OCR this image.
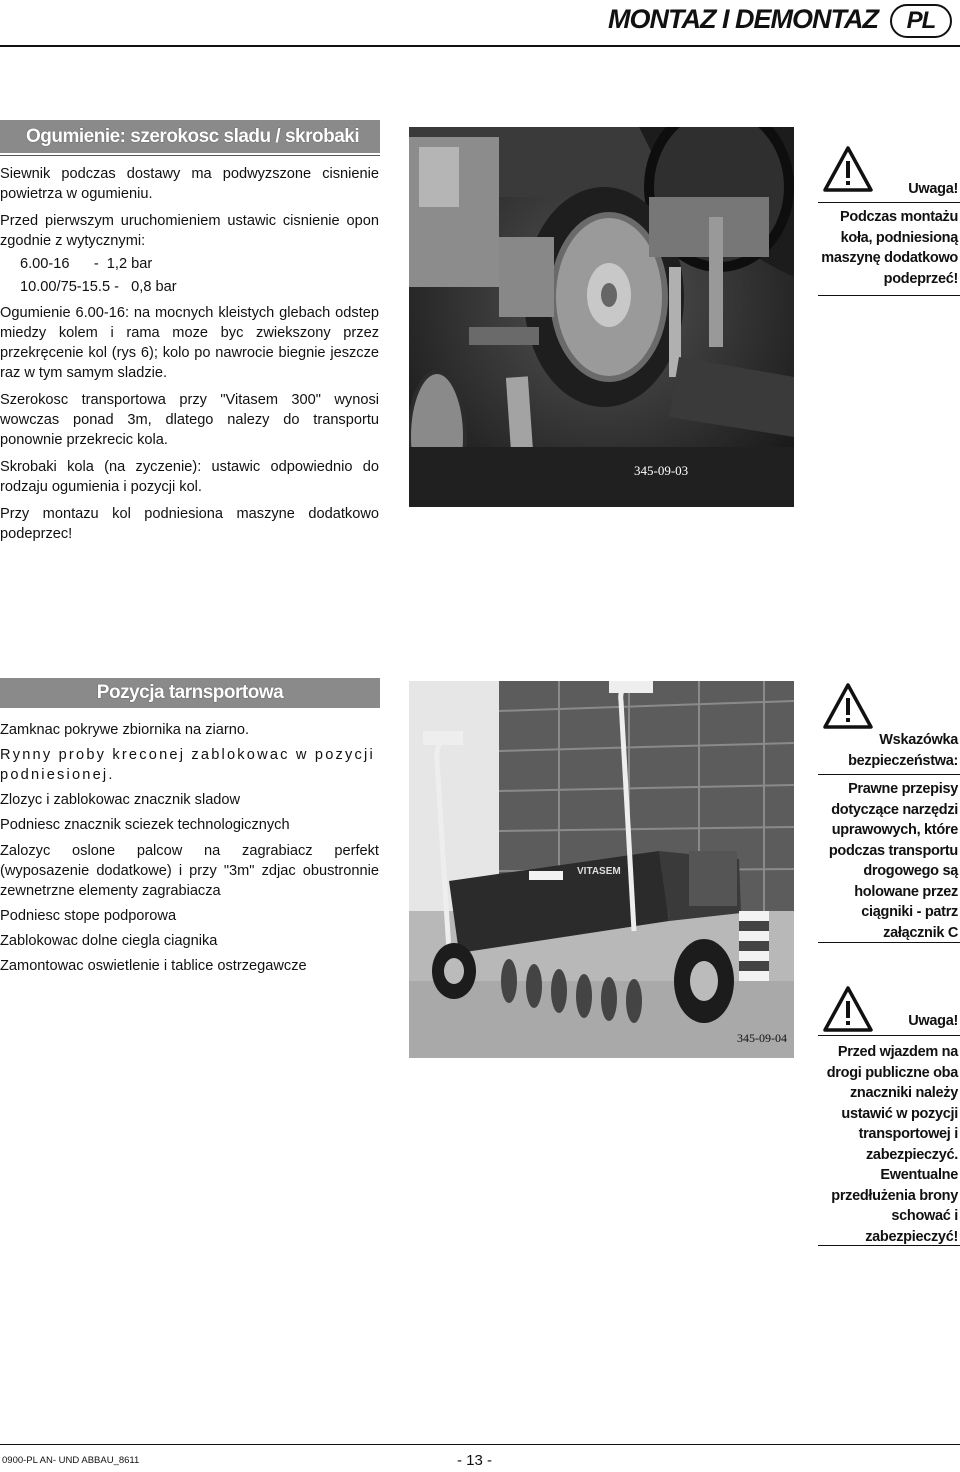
MONTAZ I DEMONTAZ	PL
Ogumienie: szerokosc sladu / skrobaki

Siewnik podczas dostawy ma podwyzszone cisnienie powietrza w ogumieniu.

Przed pierwszym uruchomieniem ustawic cisnienie opon zgodnie z wytycznymi:

6.00-16      -  1,2 bar

10.00/75-15.5 -   0,8 bar

Ogumienie 6.00-16: na mocnych kleistych glebach odstep miedzy kolem i rama moze byc zwiekszony przez przekręcenie kol (rys 6); kolo po nawrocie biegnie jeszcze raz w tym samym sladzie.

Szerokosc transportowa przy "Vitasem 300" wynosi wowczas ponad 3m, dlatego nalezy do transportu ponownie przekrecic kola.

Skrobaki kola (na zyczenie): ustawic odpowiednio do rodzaju ogumienia i pozycji kol.

Przy montazu kol podniesiona maszyne dodatkowo podeprzec!

345-09-03
Uwaga!
Podczas montażu koła, podniesioną maszynę dodatkowo podeprzeć!
Pozycja tarnsportowa

Zamknac pokrywe zbiornika na ziarno.

Rynny proby kreconej zablokowac w pozycji podniesionej.

Zlozyc i zablokowac znacznik sladow

Podniesc znacznik sciezek technologicznych

Zalozyc oslone palcow na zagrabiacz perfekt (wyposazenie dodatkowe) i przy "3m" zdjac obustronnie zewnetrzne elementy zagrabiacza

Podniesc stope podporowa

Zablokowac dolne ciegla ciagnika

Zamontowac oswietlenie i tablice ostrzegawcze

VITASEM
345-09-04
Wskazówka bezpieczeństwa:
Prawne przepisy dotyczące narzędzi uprawowych, które podczas transportu drogowego są holowane przez ciągniki - patrz załącznik C
Uwaga!
Przed wjazdem na drogi publiczne oba znaczniki należy ustawić w pozycji transportowej i zabezpieczyć. Ewentualne przedłużenia brony schować i zabezpieczyć!
0900-PL AN- UND ABBAU_8611	- 13 -
